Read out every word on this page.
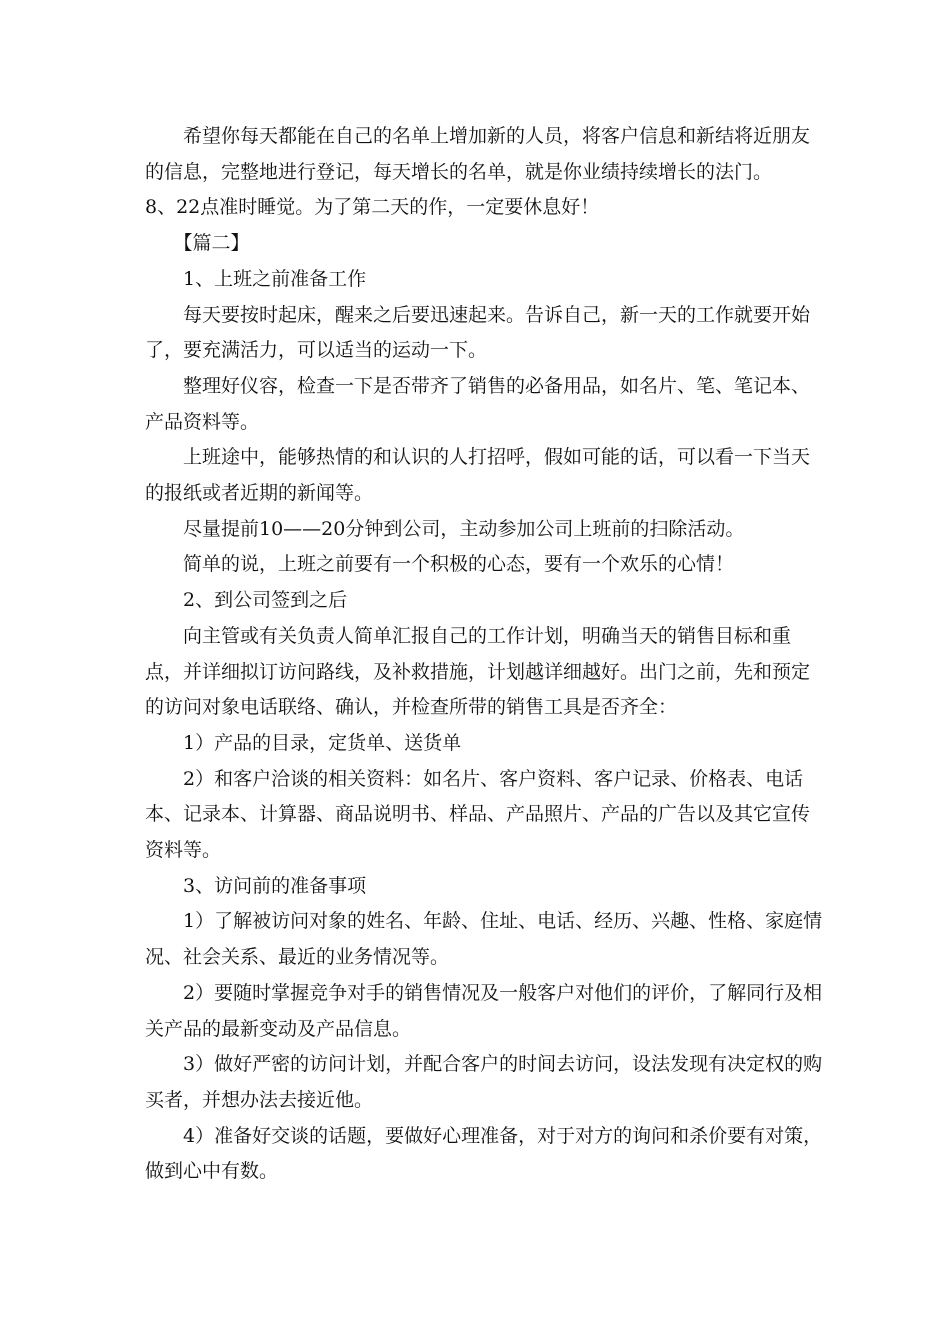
希望你每天都能在自己的名单上增加新的人员，将客户信息和新结将近朋友的信息，完整地进行登记，每天增长的名单，就是你业绩持续增长的法门。

8、22点准时睡觉。为了第二天的作，一定要休息好！

【篇二】

1、上班之前准备工作

每天要按时起床，醒来之后要迅速起来。告诉自己，新一天的工作就要开始了，要充满活力，可以适当的运动一下。

整理好仪容，检查一下是否带齐了销售的必备用品，如名片、笔、笔记本、产品资料等。

上班途中，能够热情的和认识的人打招呼，假如可能的话，可以看一下当天的报纸或者近期的新闻等。

尽量提前10——20分钟到公司，主动参加公司上班前的扫除活动。

简单的说，上班之前要有一个积极的心态，要有一个欢乐的心情！

2、到公司签到之后

向主管或有关负责人简单汇报自己的工作计划，明确当天的销售目标和重点，并详细拟订访问路线，及补救措施，计划越详细越好。出门之前，先和预定的访问对象电话联络、确认，并检查所带的销售工具是否齐全：

1）产品的目录，定货单、送货单

2）和客户洽谈的相关资料：如名片、客户资料、客户记录、价格表、电话本、记录本、计算器、商品说明书、样品、产品照片、产品的广告以及其它宣传资料等。

3、访问前的准备事项

1）了解被访问对象的姓名、年龄、住址、电话、经历、兴趣、性格、家庭情况、社会关系、最近的业务情况等。

2）要随时掌握竞争对手的销售情况及一般客户对他们的评价，了解同行及相关产品的最新变动及产品信息。

3）做好严密的访问计划，并配合客户的时间去访问，设法发现有决定权的购买者，并想办法去接近他。

4）准备好交谈的话题，要做好心理准备，对于对方的询问和杀价要有对策，做到心中有数。
